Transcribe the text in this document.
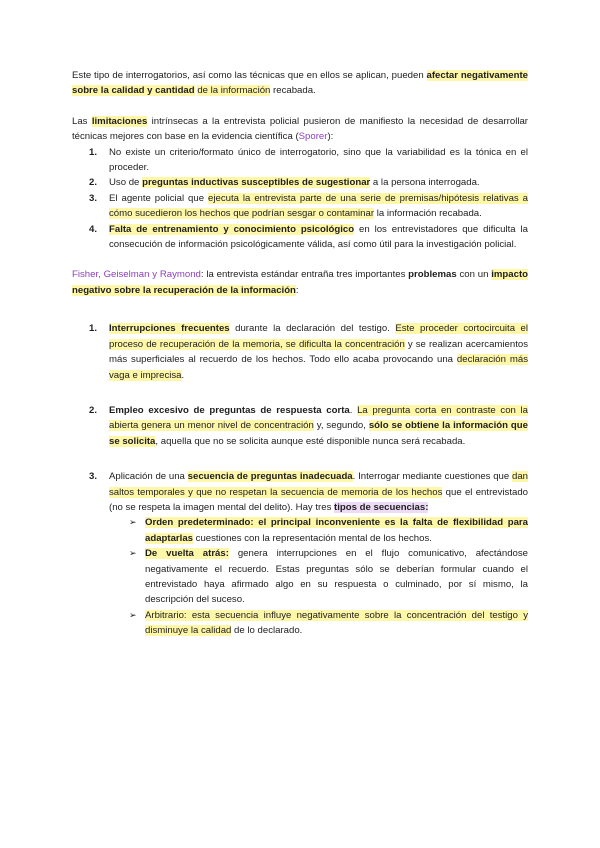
Este tipo de interrogatorios, así como las técnicas que en ellos se aplican, pueden afectar negativamente sobre la calidad y cantidad de la información recabada.

Las limitaciones intrínsecas a la entrevista policial pusieron de manifiesto la necesidad de desarrollar técnicas mejores con base en la evidencia científica (Sporer):

1. No existe un criterio/formato único de interrogatorio, sino que la variabilidad es la tónica en el proceder.
2. Uso de preguntas inductivas susceptibles de sugestionar a la persona interrogada.
3. El agente policial que ejecuta la entrevista parte de una serie de premisas/hipótesis relativas a cómo sucedieron los hechos que podrían sesgar o contaminar la información recabada.
4. Falta de entrenamiento y conocimiento psicológico en los entrevistadores que dificulta la consecución de información psicológicamente válida, así como útil para la investigación policial.

Fisher, Geiselman y Raymond: la entrevista estándar entraña tres importantes problemas con un impacto negativo sobre la recuperación de la información:

1. Interrupciones frecuentes durante la declaración del testigo. Este proceder cortocircuita el proceso de recuperación de la memoria, se dificulta la concentración y se realizan acercamientos más superficiales al recuerdo de los hechos. Todo ello acaba provocando una declaración más vaga e imprecisa.
2. Empleo excesivo de preguntas de respuesta corta. La pregunta corta en contraste con la abierta genera un menor nivel de concentración y, segundo, sólo se obtiene la información que se solicita, aquella que no se solicita aunque esté disponible nunca será recabada.
3. Aplicación de una secuencia de preguntas inadecuada. Interrogar mediante cuestiones que dan saltos temporales y que no respetan la secuencia de memoria de los hechos que el entrevistado (no se respeta la imagen mental del delito). Hay tres tipos de secuencias:
➢ Orden predeterminado: el principal inconveniente es la falta de flexibilidad para adaptarlas cuestiones con la representación mental de los hechos.
➢ De vuelta atrás: genera interrupciones en el flujo comunicativo, afectándose negativamente el recuerdo. Estas preguntas sólo se deberían formular cuando el entrevistado haya afirmado algo en su respuesta o culminado, por sí mismo, la descripción del suceso.
➢ Arbitrario: esta secuencia influye negativamente sobre la concentración del testigo y disminuye la calidad de lo declarado.
